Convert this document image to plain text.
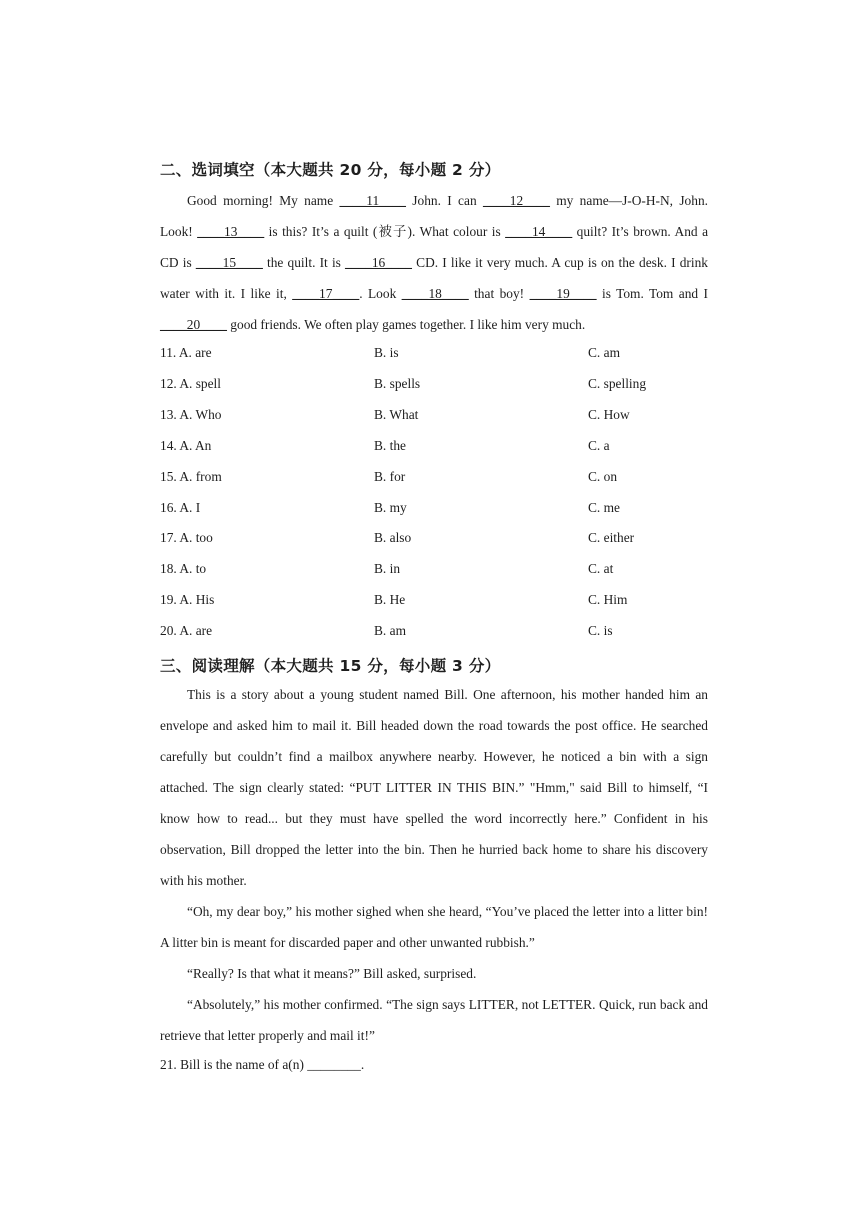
二、选词填空（本大题共 20 分，每小题 2 分）
Good morning! My name ____11____ John. I can ____12____ my name—J-O-H-N, John. Look! ____13____ is this? It’s a quilt (被子). What colour is ____14____ quilt? It’s brown. And a CD is ____15____ the quilt. It is ____16____ CD. I like it very much. A cup is on the desk. I drink water with it. I like it, ____17____. Look ____18____ that boy! ____19____ is Tom. Tom and I ____20____ good friends. We often play games together. I like him very much.
11. A. are	B. is	C. am
12. A. spell	B. spells	C. spelling
13. A. Who	B. What	C. How
14. A. An	B. the	C. a
15. A. from	B. for	C. on
16. A. I	B. my	C. me
17. A. too	B. also	C. either
18. A. to	B. in	C. at
19. A. His	B. He	C. Him
20. A. are	B. am	C. is
三、阅读理解（本大题共 15 分，每小题 3 分）
This is a story about a young student named Bill. One afternoon, his mother handed him an envelope and asked him to mail it. Bill headed down the road towards the post office. He searched carefully but couldn’t find a mailbox anywhere nearby. However, he noticed a bin with a sign attached. The sign clearly stated: “PUT LITTER IN THIS BIN.” "Hmm," said Bill to himself, “I know how to read... but they must have spelled the word incorrectly here.” Confident in his observation, Bill dropped the letter into the bin. Then he hurried back home to share his discovery with his mother.
“Oh, my dear boy,” his mother sighed when she heard, “You’ve placed the letter into a litter bin! A litter bin is meant for discarded paper and other unwanted rubbish.”
“Really? Is that what it means?” Bill asked, surprised.
“Absolutely,” his mother confirmed. “The sign says LITTER, not LETTER. Quick, run back and retrieve that letter properly and mail it!”
21. Bill is the name of a(n) ________.
